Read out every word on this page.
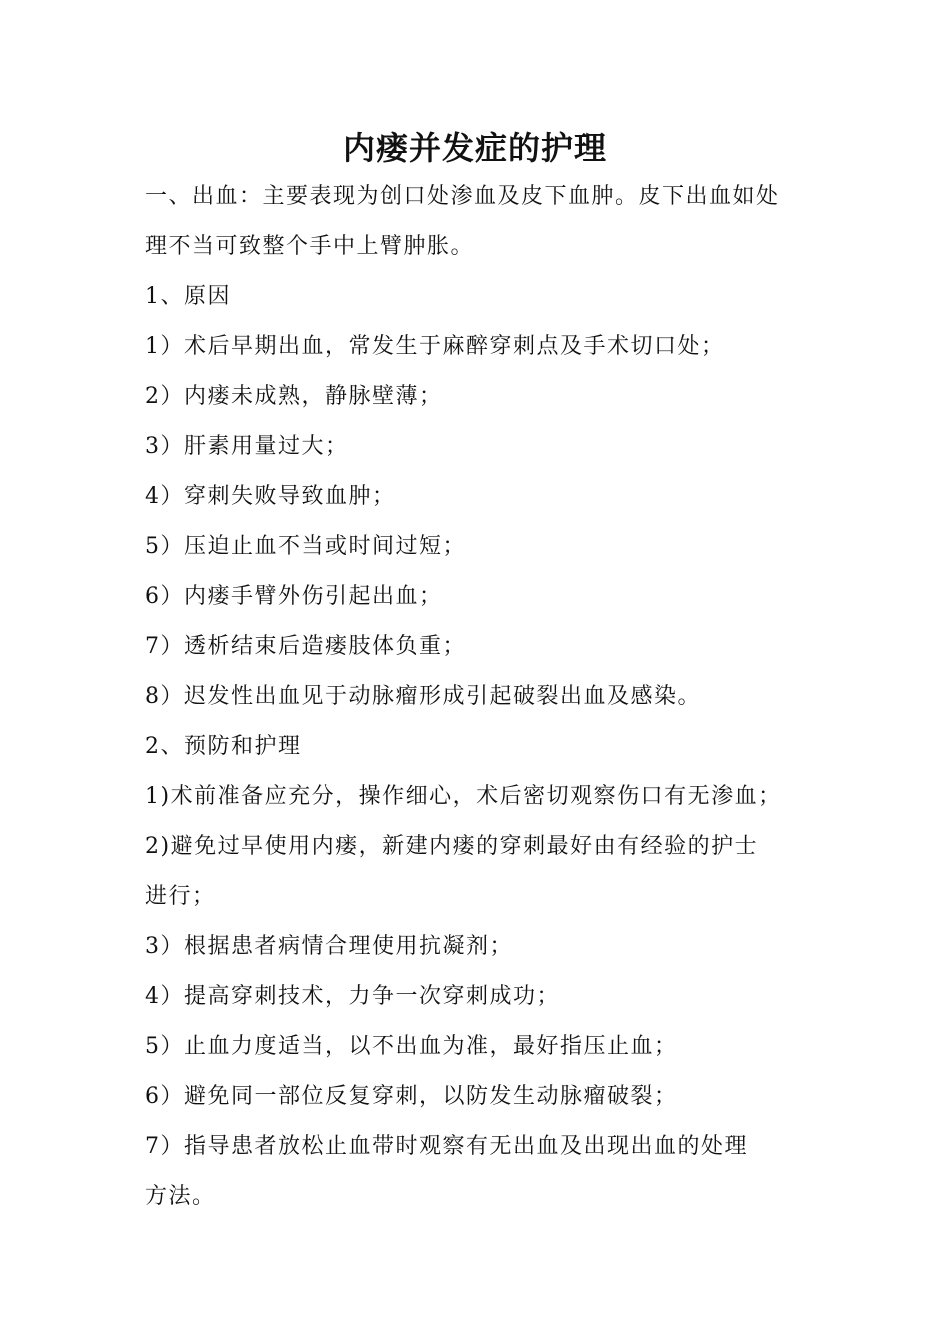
内瘘并发症的护理

一、出血：主要表现为创口处渗血及皮下血肿。皮下出血如处
理不当可致整个手中上臂肿胀。

1、原因

1）术后早期出血，常发生于麻醉穿刺点及手术切口处；

2）内瘘未成熟，静脉壁薄；

3）肝素用量过大；

4）穿刺失败导致血肿；

5）压迫止血不当或时间过短；

6）内瘘手臂外伤引起出血；

7）透析结束后造瘘肢体负重；

8）迟发性出血见于动脉瘤形成引起破裂出血及感染。

2、预防和护理

1)术前准备应充分，操作细心，术后密切观察伤口有无渗血；

2)避免过早使用内瘘，新建内瘘的穿刺最好由有经验的护士
进行；

3）根据患者病情合理使用抗凝剂；

4）提高穿刺技术，力争一次穿刺成功；

5）止血力度适当，以不出血为准，最好指压止血；

6）避免同一部位反复穿刺，以防发生动脉瘤破裂；

7）指导患者放松止血带时观察有无出血及出现出血的处理
方法。
